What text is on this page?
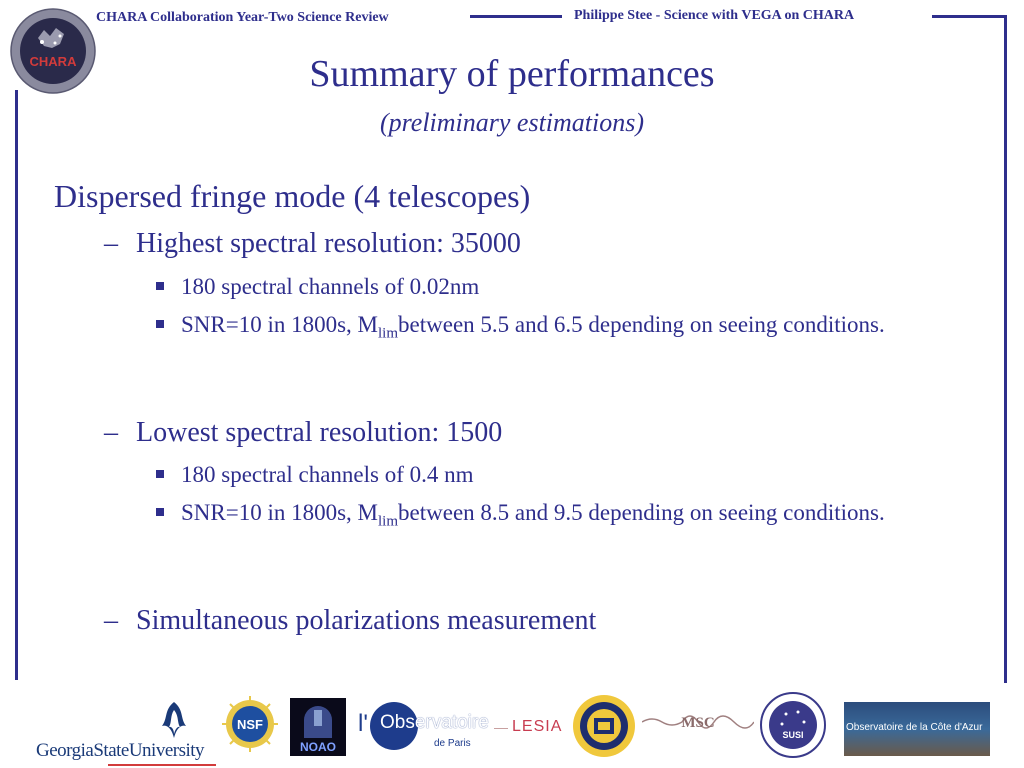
CHARA
CHARA Collaboration Year-Two Science Review	Philippe Stee - Science with VEGA on CHARA
Summary of performances
(preliminary estimations)
Dispersed fringe mode (4 telescopes)
– Highest spectral resolution: 35000
180 spectral channels of 0.02nm
SNR=10 in 1800s, $M_{lim}between$ 5.5 and 6.5 depending on seeing conditions.
– Lowest spectral resolution: 1500
180 spectral channels of 0.4 nm
SNR=10 in 1800s, $M_{lim}between$ 8.5 and 9.5 depending on seeing conditions.
– Simultaneous polarizations measurement
GeorgiaStateUniversity
NSF
NOAO
l' Observatoire
de Paris
LESIA	MSC
SUSI
Observatoire de la Côte d'Azur
